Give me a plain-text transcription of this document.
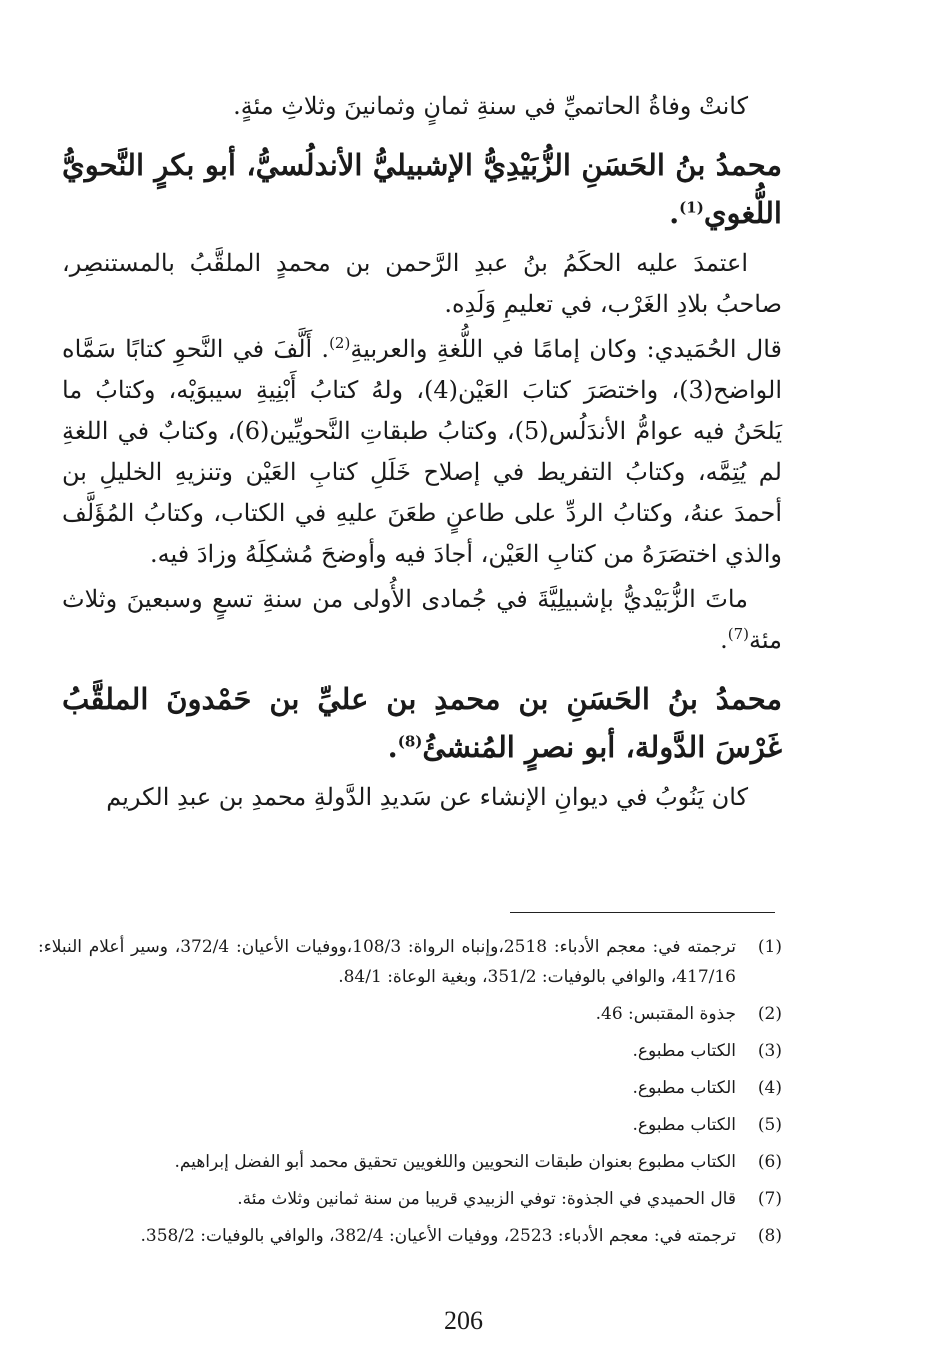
كانتْ وفاةُ الحاتميِّ في سنةِ ثمانٍ وثمانينَ وثلاثِ مئةٍ.

محمدُ بنُ الحَسَنِ الزُّبَيْدِيُّ الإشبيليُّ الأندلُسيُّ، أبو بكرٍ النَّحويُّ اللُّغوي$^{(1)}$.

اعتمدَ عليه الحكَمُ بنُ عبدِ الرَّحمن بن محمدٍ الملقَّبُ بالمستنصِر، صاحبُ بلادِ الغَرْب، في تعليمِ وَلَدِه.

قال الحُمَيدي: وكان إمامًا في اللُّغةِ والعربيةِ$^{(2)}$. أَلَّفَ في النَّحوِ كتابًا سَمَّاه الواضح(3)، واختصَرَ كتابَ العَيْن(4)، ولهُ كتابُ أَبْنِيةِ سيبوَيْه، وكتابُ ما يَلحَنُ فيه عوامُّ الأندَلُس(5)، وكتابُ طبقاتِ النَّحويِّين(6)، وكتابٌ في اللغةِ لم يُتِمَّه، وكتابُ التفريط في إصلاح خَلَلِ كتابِ العَيْن وتنزيهِ الخليلِ بن أحمدَ عنهُ، وكتابُ الردِّ على طاعنٍ طعَنَ عليهِ في الكتاب، وكتابُ المُؤَلَّف والذي اختصَرَهُ من كتابِ العَيْن، أجادَ فيه وأوضحَ مُشكِلَهُ وزادَ فيه.

ماتَ الزُّبَيْديُّ بإشبيلِيَّةَ في جُمادى الأُولى من سنةِ تسعٍ وسبعينَ وثلاث مئة$^{(7)}$.

محمدُ بنُ الحَسَنِ بن محمدِ بن عليِّ بن حَمْدونَ الملقَّبُ غَرْسَ الدَّولة، أبو نصرٍ المُنشئُ$^{(8)}$.

كان يَنُوبُ في ديوانِ الإنشاء عن سَديدِ الدَّولةِ محمدِ بن عبدِ الكريم

(1)
ترجمته في: معجم الأدباء: 2518،وإنباه الرواة: 108/3،ووفيات الأعيان: 372/4، وسير أعلام النبلاء: 417/16، والوافي بالوفيات: 351/2، وبغية الوعاة: 84/1.
(2)
جذوة المقتبس: 46.
(3)
الكتاب مطبوع.
(4)
الكتاب مطبوع.
(5)
الكتاب مطبوع.
(6)
الكتاب مطبوع بعنوان طبقات النحويين واللغويين تحقيق محمد أبو الفضل إبراهيم.
(7)
قال الحميدي في الجذوة: توفي الزبيدي قريبا من سنة ثمانين وثلاث مئة.
(8)
ترجمته في: معجم الأدباء: 2523، ووفيات الأعيان: 382/4، والوافي بالوفيات: 358/2.
206
